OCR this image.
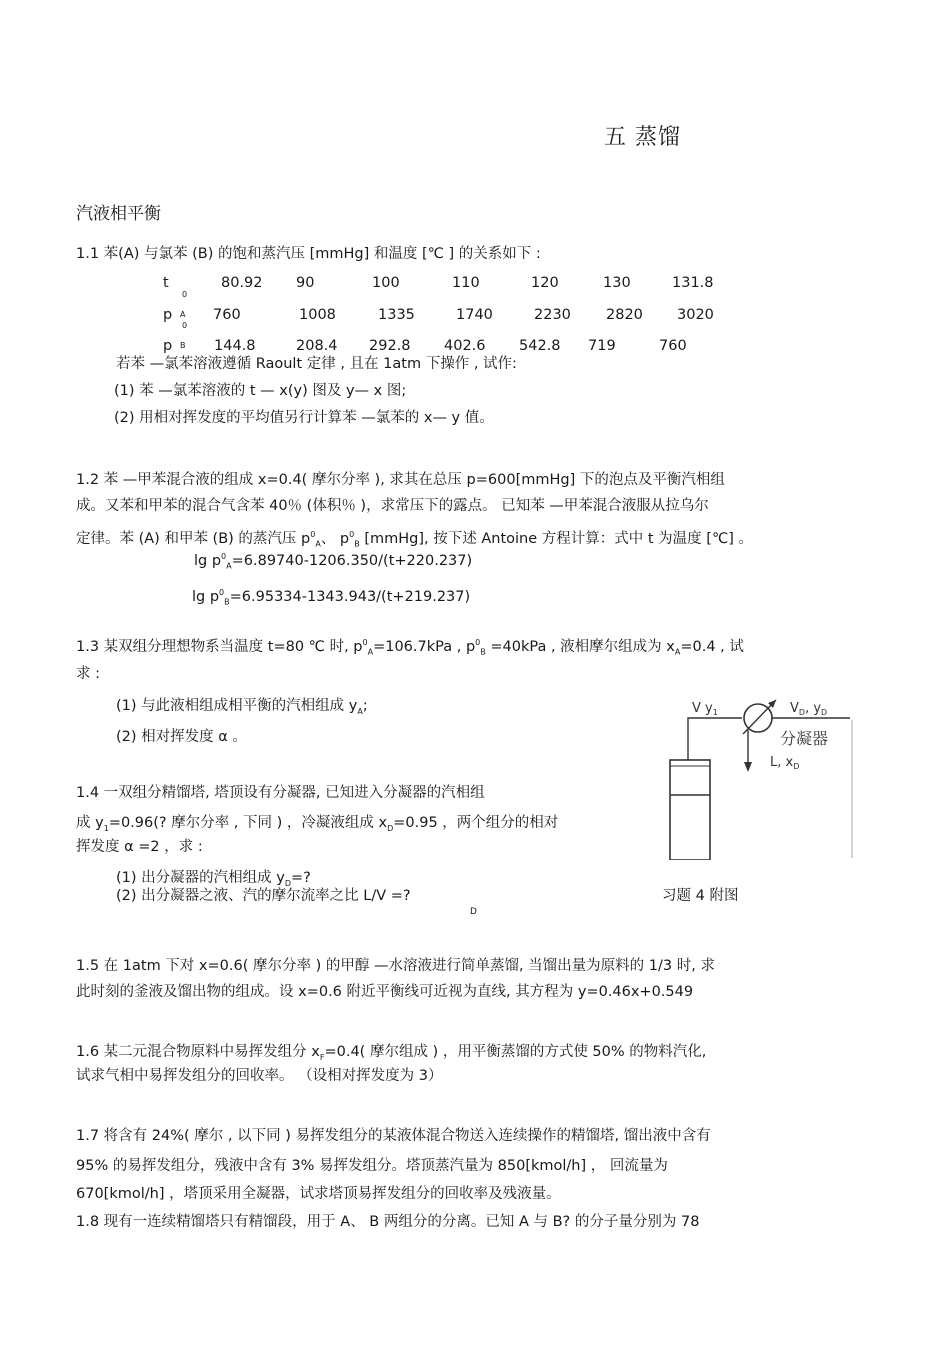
五 蒸馏
汽液相平衡
1.1 苯(A) 与氯苯 (B) 的饱和蒸汽压 [mmHg] 和温度 [℃ ] 的关系如下 :
t
0
80.92 90	100	110	120	130	131.8
p A
0
760	1008	1335	1740	2230 2820 3020
p B 144.8	208.4 292.8 402.6 542.8 719	760
若苯 —氯苯溶液遵循 Raoult 定律 , 且在 1atm 下操作 , 试作:
(1) 苯 —氯苯溶液的 t — x(y) 图及 y— x 图;
(2) 用相对挥发度的平均值另行计算苯 —氯苯的 x— y 值。
1.2 苯 —甲苯混合液的组成 x=0.4( 摩尔分率 ), 求其在总压 p=600[mmHg] 下的泡点及平衡汽相组
成。又苯和甲苯的混合气含苯 40％ (体积％ )，求常压下的露点。 已知苯 —甲苯混合液服从拉乌尔
定律。苯 (A) 和甲苯 (B) 的蒸汽压 $p^0_A$、 $p^0_B$ [mmHg], 按下述 Antoine 方程计算：式中 t 为温度 [℃] 。
$\lg p^0_A=6.89740-1206.350/(t+220.237)$
$\lg p^0_B=6.95334-1343.943/(t+219.237)$
1.3 某双组分理想物系当温度 t=80 ℃ 时, $p^0_A=106.7kPa$ , $p^0_B =40kPa$ , 液相摩尔组成为 $x_A=0.4$ , 试
求 :
(1) 与此液相组成相平衡的汽相组成 $y_A$;
(2) 相对挥发度 α 。
V $y_1$	$V_D$, $y_D$
分凝器
L, $x_D$
1.4 一双组分精馏塔, 塔顶设有分凝器, 已知进入分凝器的汽相组
成 $y_1=0.96$(? 摩尔分率 , 下同 ) ，冷凝液组成 $x_D=0.95$ ，两个组分的相对
挥发度 α =2 ，求 :
(1) 出分凝器的汽相组成 $y_D=$?
(2) 出分凝器之液、汽的摩尔流率之比 L/V =?
D
习题 4 附图
1.5 在 1atm 下对 x=0.6( 摩尔分率 ) 的甲醇 —水溶液进行简单蒸馏, 当馏出量为原料的 1/3 时, 求
此时刻的釜液及馏出物的组成。设 x=0.6 附近平衡线可近视为直线, 其方程为 y=0.46x+0.549
1.6 某二元混合物原料中易挥发组分 $x_F=0.4$( 摩尔组成 ) ，用平衡蒸馏的方式使 50% 的物料汽化,
试求气相中易挥发组分的回收率。 （设相对挥发度为 3）
1.7 将含有 24%( 摩尔 , 以下同 ) 易挥发组分的某液体混合物送入连续操作的精馏塔, 馏出液中含有
95% 的易挥发组分，残液中含有 3% 易挥发组分。塔顶蒸汽量为 850[kmol/h] ， 回流量为
670[kmol/h] ，塔顶采用全凝器，试求塔顶易挥发组分的回收率及残液量。
1.8 现有一连续精馏塔只有精馏段，用于 A、 B 两组分的分离。已知 A 与 B? 的分子量分别为 78
